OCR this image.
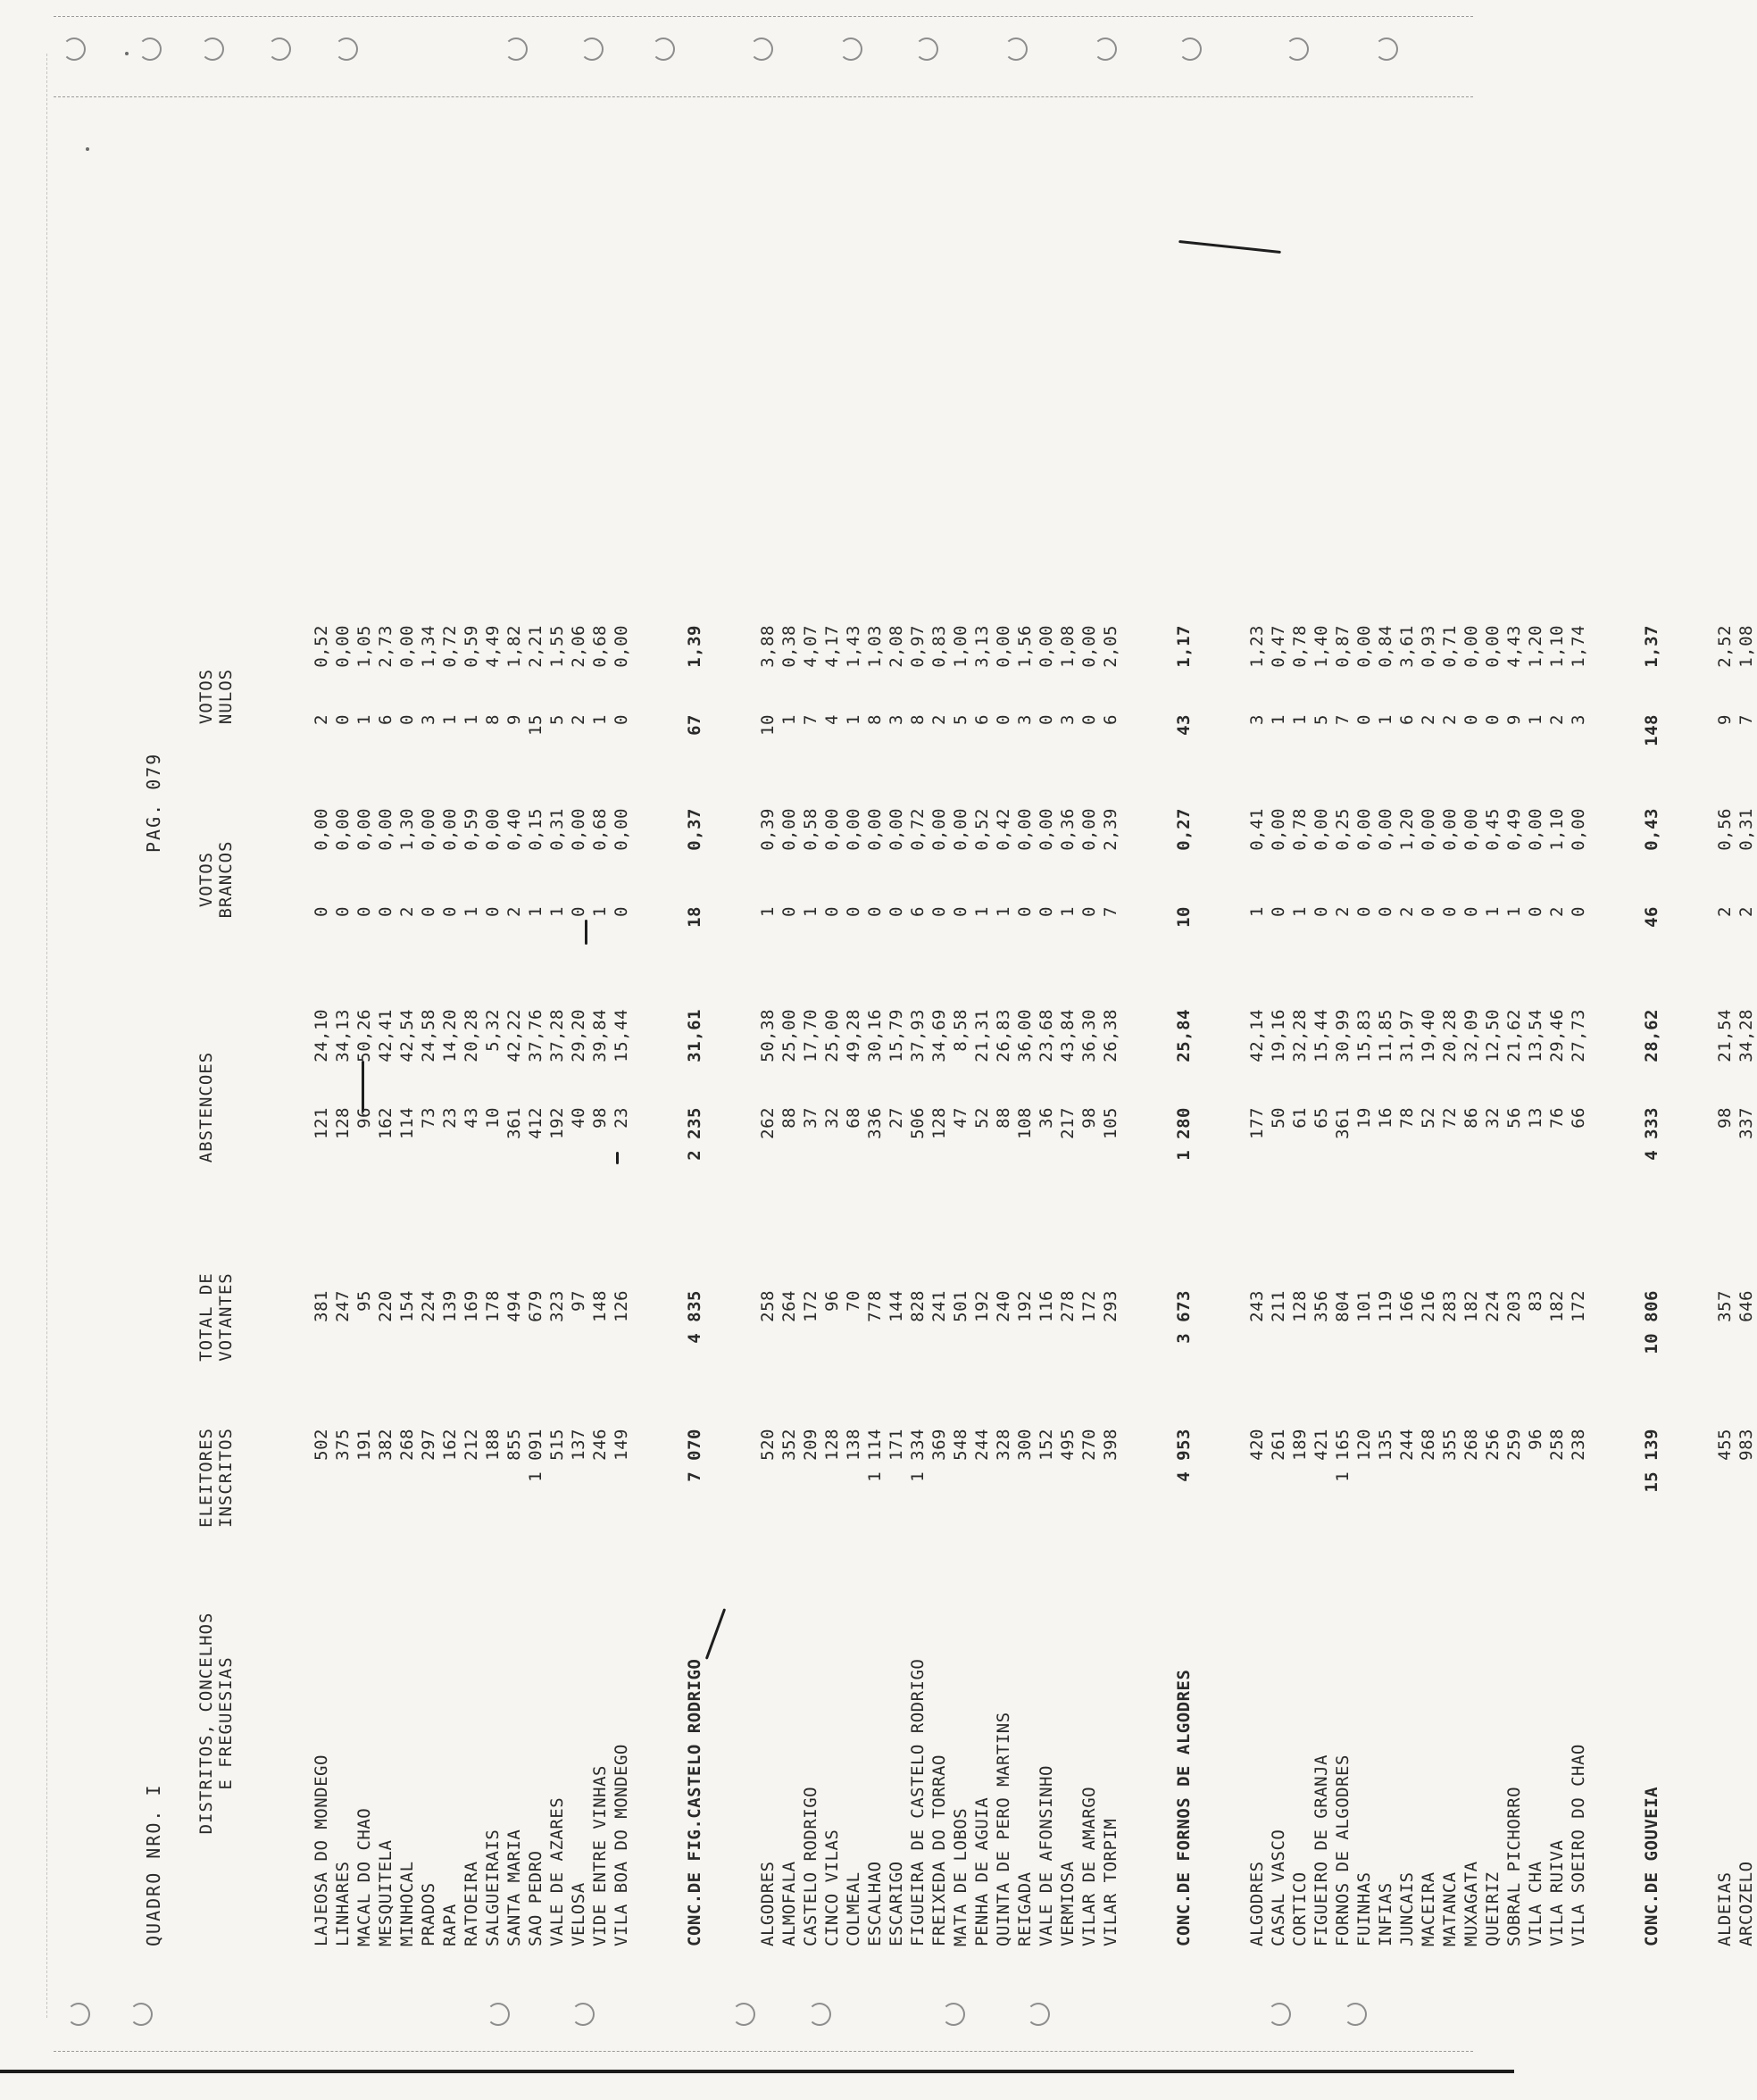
QUADRO NRO. I
PAG. 079
DISTRITOS, CONCELHOS E FREGUESIAS
ELEITORES INSCRITOS
TOTAL DE VOTANTES
ABSTENCOES
VOTOS BRANCOS
VOTOS NULOS
LAJEOSA DO MONDEGO
502
381
121
24,10
0
0,00
2
0,52
LINHARES
375
247
128
34,13
0
0,00
0
0,00
MACAL DO CHAO
191
95
96
50,26
0
0,00
1
1,05
MESQUITELA
382
220
162
42,41
0
0,00
6
2,73
MINHOCAL
268
154
114
42,54
2
1,30
0
0,00
PRADOS
297
224
73
24,58
0
0,00
3
1,34
RAPA
162
139
23
14,20
0
0,00
1
0,72
RATOEIRA
212
169
43
20,28
1
0,59
1
0,59
SALGUEIRAIS
188
178
10
5,32
0
0,00
8
4,49
SANTA MARIA
855
494
361
42,22
2
0,40
9
1,82
SAO PEDRO
1 091
679
412
37,76
1
0,15
15
2,21
VALE DE AZARES
515
323
192
37,28
1
0,31
5
1,55
VELOSA
137
97
40
29,20
0
0,00
2
2,06
VIDE ENTRE VINHAS
246
148
98
39,84
1
0,68
1
0,68
VILA BOA DO MONDEGO
149
126
23
15,44
0
0,00
0
0,00
CONC.DE FIG.CASTELO RODRIGO
7 070
4 835
2 235
31,61
18
0,37
67
1,39
ALGODRES
520
258
262
50,38
1
0,39
10
3,88
ALMOFALA
352
264
88
25,00
0
0,00
1
0,38
CASTELO RODRIGO
209
172
37
17,70
1
0,58
7
4,07
CINCO VILAS
128
96
32
25,00
0
0,00
4
4,17
COLMEAL
138
70
68
49,28
0
0,00
1
1,43
ESCALHAO
1 114
778
336
30,16
0
0,00
8
1,03
ESCARIGO
171
144
27
15,79
0
0,00
3
2,08
FIGUEIRA DE CASTELO RODRIGO
1 334
828
506
37,93
6
0,72
8
0,97
FREIXEDA DO TORRAO
369
241
128
34,69
0
0,00
2
0,83
MATA DE LOBOS
548
501
47
8,58
0
0,00
5
1,00
PENHA DE AGUIA
244
192
52
21,31
1
0,52
6
3,13
QUINTA DE PERO MARTINS
328
240
88
26,83
1
0,42
0
0,00
REIGADA
300
192
108
36,00
0
0,00
3
1,56
VALE DE AFONSINHO
152
116
36
23,68
0
0,00
0
0,00
VERMIOSA
495
278
217
43,84
1
0,36
3
1,08
VILAR DE AMARGO
270
172
98
36,30
0
0,00
0
0,00
VILAR TORPIM
398
293
105
26,38
7
2,39
6
2,05
CONC.DE FORNOS DE ALGODRES
4 953
3 673
1 280
25,84
10
0,27
43
1,17
ALGODRES
420
243
177
42,14
1
0,41
3
1,23
CASAL VASCO
261
211
50
19,16
0
0,00
1
0,47
CORTICO
189
128
61
32,28
1
0,78
1
0,78
FIGUEIRO DE GRANJA
421
356
65
15,44
0
0,00
5
1,40
FORNOS DE ALGODRES
1 165
804
361
30,99
2
0,25
7
0,87
FUINHAS
120
101
19
15,83
0
0,00
0
0,00
INFIAS
135
119
16
11,85
0
0,00
1
0,84
JUNCAIS
244
166
78
31,97
2
1,20
6
3,61
MACEIRA
268
216
52
19,40
0
0,00
2
0,93
MATANCA
355
283
72
20,28
0
0,00
2
0,71
MUXAGATA
268
182
86
32,09
0
0,00
0
0,00
QUEIRIZ
256
224
32
12,50
1
0,45
0
0,00
SOBRAL PICHORRO
259
203
56
21,62
1
0,49
9
4,43
VILA CHA
96
83
13
13,54
0
0,00
1
1,20
VILA RUIVA
258
182
76
29,46
2
1,10
2
1,10
VILA SOEIRO DO CHAO
238
172
66
27,73
0
0,00
3
1,74
CONC.DE GOUVEIA
15 139
10 806
4 333
28,62
46
0,43
148
1,37
ALDEIAS
455
357
98
21,54
2
0,56
9
2,52
ARCOZELO
983
646
337
34,28
2
0,31
7
1,08
